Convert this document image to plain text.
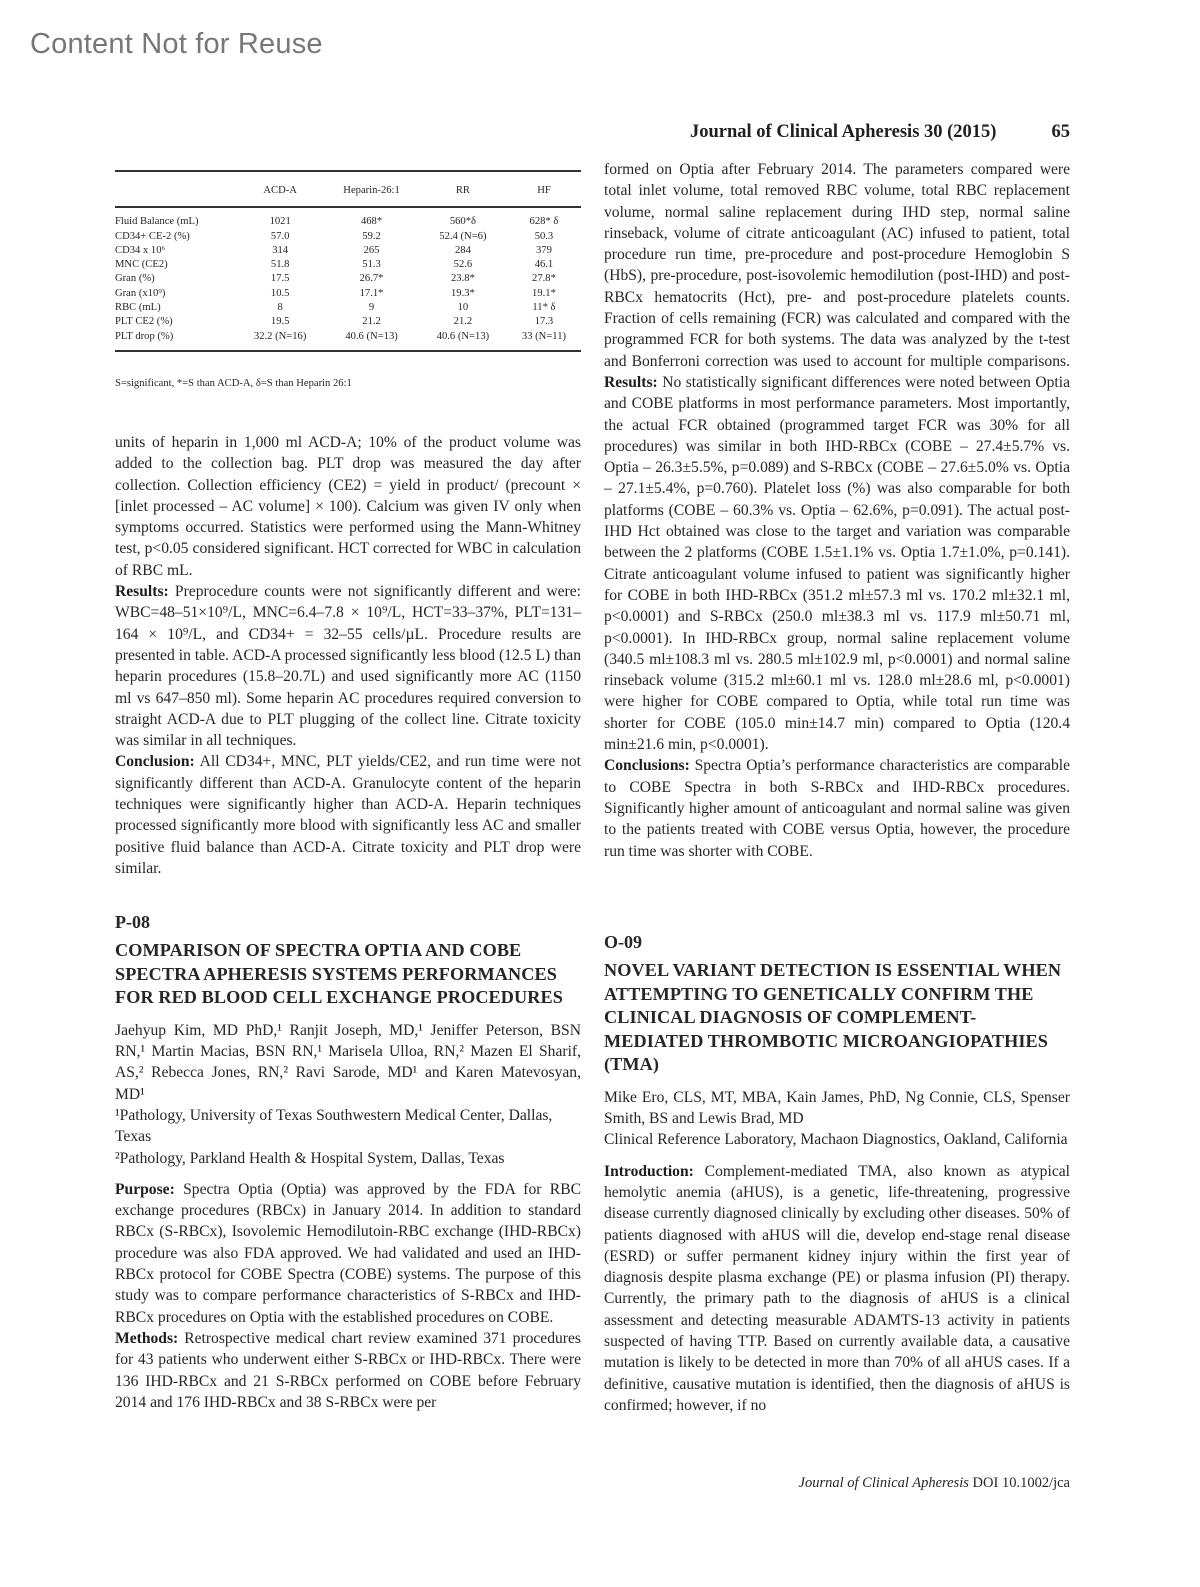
Content Not for Reuse
Journal of Clinical Apheresis 30 (2015)	65
	ACD-A	Heparin-26:1	RR	HF
Fluid Balance (mL)	1021	468*	560*δ	628* δ
CD34+ CE-2 (%)	57.0	59.2	52.4 (N=6)	50.3
CD34 x 10⁶	314	265	284	379
MNC (CE2)	51.8	51.3	52.6	46.1
Gran (%)	17.5	26.7*	23.8*	27.8*
Gran (x10⁹)	10.5	17.1*	19.3*	19.1*
RBC (mL)	8	9	10	11* δ
PLT CE2 (%)	19.5	21.2	21.2	17.3
PLT drop (%)	32.2 (N=16)	40.6 (N=13)	40.6 (N=13)	33 (N=11)
S=significant, *=S than ACD-A, δ=S than Heparin 26:1

units of heparin in 1,000 ml ACD-A; 10% of the product volume was added to the collection bag. PLT drop was measured the day after collection. Collection efficiency (CE2) = yield in product/ (precount × [inlet processed – AC volume] × 100). Calcium was given IV only when symptoms occurred. Statistics were performed using the Mann-Whitney test, p<0.05 considered significant. HCT corrected for WBC in calculation of RBC mL.

Results: Preprocedure counts were not significantly different and were: WBC=48–51×10⁹/L, MNC=6.4–7.8 × 10⁹/L, HCT=33–37%, PLT=131–164 × 10⁹/L, and CD34+ = 32–55 cells/µL. Procedure results are presented in table. ACD-A processed significantly less blood (12.5 L) than heparin procedures (15.8–20.7L) and used significantly more AC (1150 ml vs 647–850 ml). Some heparin AC procedures required conversion to straight ACD-A due to PLT plugging of the collect line. Citrate toxicity was similar in all techniques.

Conclusion: All CD34+, MNC, PLT yields/CE2, and run time were not significantly different than ACD-A. Granulocyte content of the heparin techniques were significantly higher than ACD-A. Heparin techniques processed significantly more blood with significantly less AC and smaller positive fluid balance than ACD-A. Citrate toxicity and PLT drop were similar.

P-08
COMPARISON OF SPECTRA OPTIA AND COBE SPECTRA APHERESIS SYSTEMS PERFORMANCES FOR RED BLOOD CELL EXCHANGE PROCEDURES

Jaehyup Kim, MD PhD,¹ Ranjit Joseph, MD,¹ Jeniffer Peterson, BSN RN,¹ Martin Macias, BSN RN,¹ Marisela Ulloa, RN,² Mazen El Sharif, AS,² Rebecca Jones, RN,² Ravi Sarode, MD¹ and Karen Matevosyan, MD¹

¹Pathology, University of Texas Southwestern Medical Center, Dallas, Texas

²Pathology, Parkland Health & Hospital System, Dallas, Texas

Purpose: Spectra Optia (Optia) was approved by the FDA for RBC exchange procedures (RBCx) in January 2014. In addition to standard RBCx (S-RBCx), Isovolemic Hemodilutoin-RBC exchange (IHD-RBCx) procedure was also FDA approved. We had validated and used an IHD-RBCx protocol for COBE Spectra (COBE) systems. The purpose of this study was to compare performance characteristics of S-RBCx and IHD-RBCx procedures on Optia with the established procedures on COBE.

Methods: Retrospective medical chart review examined 371 procedures for 43 patients who underwent either S-RBCx or IHD-RBCx. There were 136 IHD-RBCx and 21 S-RBCx performed on COBE before February 2014 and 176 IHD-RBCx and 38 S-RBCx were per

formed on Optia after February 2014. The parameters compared were total inlet volume, total removed RBC volume, total RBC replacement volume, normal saline replacement during IHD step, normal saline rinseback, volume of citrate anticoagulant (AC) infused to patient, total procedure run time, pre-procedure and post-procedure Hemoglobin S (HbS), pre-procedure, post-isovolemic hemodilution (post-IHD) and post-RBCx hematocrits (Hct), pre- and post-procedure platelets counts. Fraction of cells remaining (FCR) was calculated and compared with the programmed FCR for both systems. The data was analyzed by the t-test and Bonferroni correction was used to account for multiple comparisons. Results: No statistically significant differences were noted between Optia and COBE platforms in most performance parameters. Most importantly, the actual FCR obtained (programmed target FCR was 30% for all procedures) was similar in both IHD-RBCx (COBE – 27.4±5.7% vs. Optia – 26.3±5.5%, p=0.089) and S-RBCx (COBE – 27.6±5.0% vs. Optia – 27.1±5.4%, p=0.760). Platelet loss (%) was also comparable for both platforms (COBE – 60.3% vs. Optia – 62.6%, p=0.091). The actual post-IHD Hct obtained was close to the target and variation was comparable between the 2 platforms (COBE 1.5±1.1% vs. Optia 1.7±1.0%, p=0.141). Citrate anticoagulant volume infused to patient was significantly higher for COBE in both IHD-RBCx (351.2 ml±57.3 ml vs. 170.2 ml±32.1 ml, p<0.0001) and S-RBCx (250.0 ml±38.3 ml vs. 117.9 ml±50.71 ml, p<0.0001). In IHD-RBCx group, normal saline replacement volume (340.5 ml±108.3 ml vs. 280.5 ml±102.9 ml, p<0.0001) and normal saline rinseback volume (315.2 ml±60.1 ml vs. 128.0 ml±28.6 ml, p<0.0001) were higher for COBE compared to Optia, while total run time was shorter for COBE (105.0 min±14.7 min) compared to Optia (120.4 min±21.6 min, p<0.0001).

Conclusions: Spectra Optia’s performance characteristics are comparable to COBE Spectra in both S-RBCx and IHD-RBCx procedures. Significantly higher amount of anticoagulant and normal saline was given to the patients treated with COBE versus Optia, however, the procedure run time was shorter with COBE.

O-09
NOVEL VARIANT DETECTION IS ESSENTIAL WHEN ATTEMPTING TO GENETICALLY CONFIRM THE CLINICAL DIAGNOSIS OF COMPLEMENT-MEDIATED THROMBOTIC MICROANGIOPATHIES (TMA)

Mike Ero, CLS, MT, MBA, Kain James, PhD, Ng Connie, CLS, Spenser Smith, BS and Lewis Brad, MD

Clinical Reference Laboratory, Machaon Diagnostics, Oakland, California

Introduction: Complement-mediated TMA, also known as atypical hemolytic anemia (aHUS), is a genetic, life-threatening, progressive disease currently diagnosed clinically by excluding other diseases. 50% of patients diagnosed with aHUS will die, develop end-stage renal disease (ESRD) or suffer permanent kidney injury within the first year of diagnosis despite plasma exchange (PE) or plasma infusion (PI) therapy. Currently, the primary path to the diagnosis of aHUS is a clinical assessment and detecting measurable ADAMTS-13 activity in patients suspected of having TTP. Based on currently available data, a causative mutation is likely to be detected in more than 70% of all aHUS cases. If a definitive, causative mutation is identified, then the diagnosis of aHUS is confirmed; however, if no

Journal of Clinical Apheresis DOI 10.1002/jca
